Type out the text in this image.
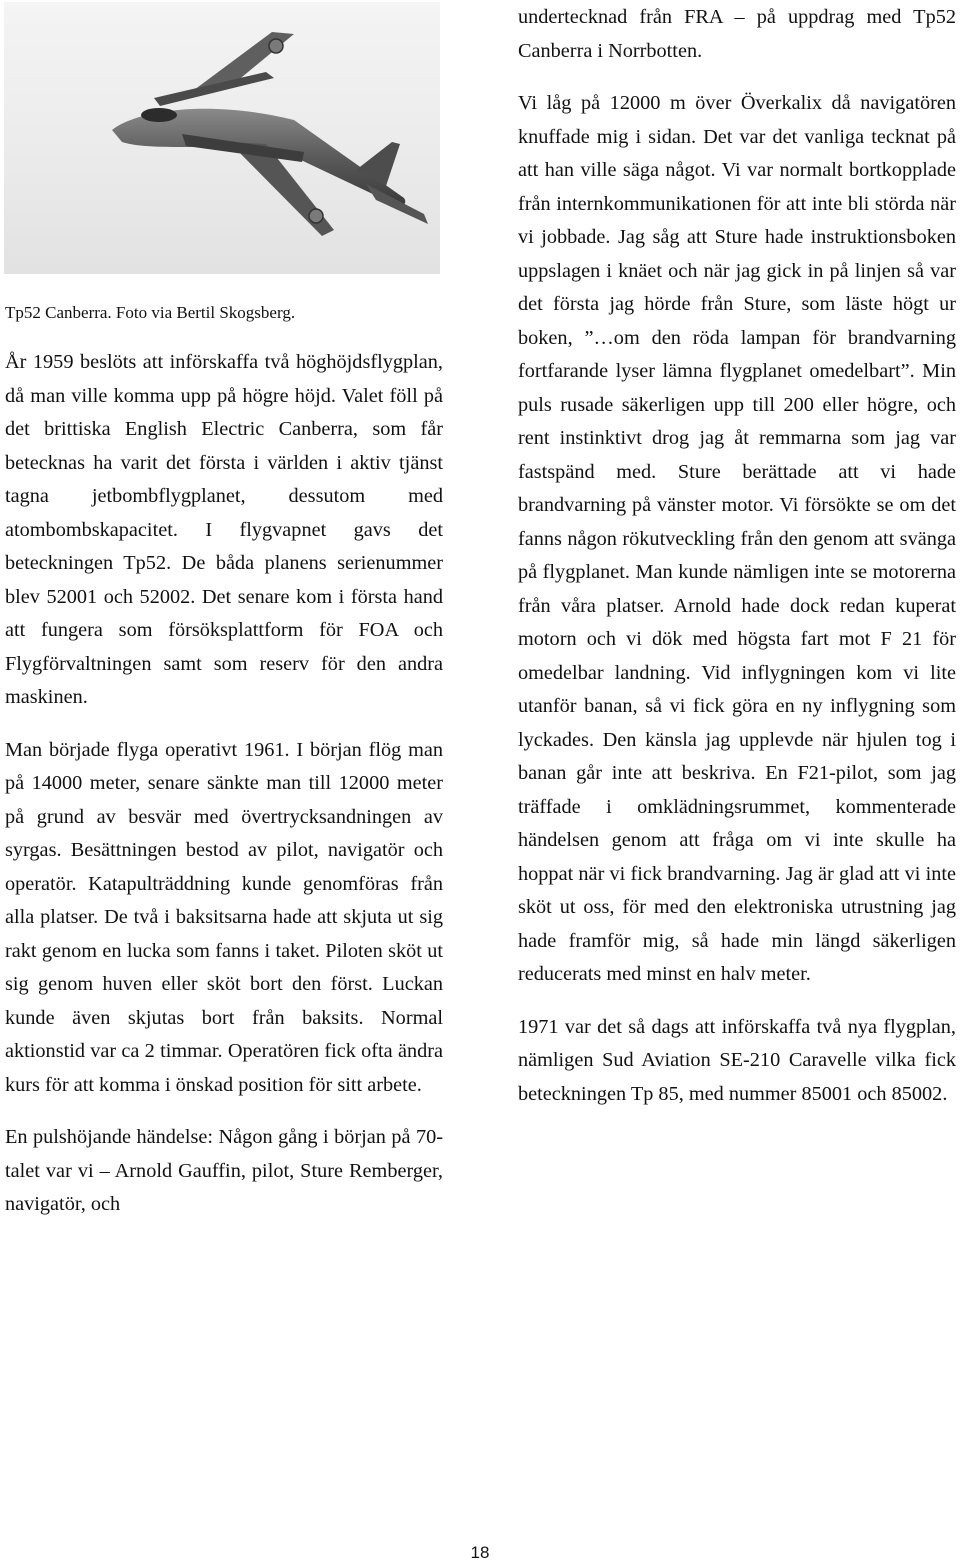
Tp52 Canberra. Foto via Bertil Skogsberg.

År 1959 beslöts att införskaffa två höghöjdsflygplan, då man ville komma upp på högre höjd. Valet föll på det brittiska English Electric Canberra, som får betecknas ha varit det första i världen i aktiv tjänst tagna jetbombflygplanet, dessutom med atombombskapacitet. I flygvapnet gavs det beteckningen Tp52. De båda planens serienummer blev 52001 och 52002. Det senare kom i första hand att fungera som försöksplattform för FOA och Flygförvaltningen samt som reserv för den andra maskinen.

Man började flyga operativt 1961. I början flög man på 14000 meter, senare sänkte man till 12000 meter på grund av besvär med övertrycksandningen av syrgas. Besättningen bestod av pilot, navigatör och operatör. Katapulträddning kunde genomföras från alla platser. De två i baksitsarna hade att skjuta ut sig rakt genom en lucka som fanns i taket. Piloten sköt ut sig genom huven eller sköt bort den först. Luckan kunde även skjutas bort från baksits. Normal aktionstid var ca 2 timmar. Operatören fick ofta ändra kurs för att komma i önskad position för sitt arbete.

En pulshöjande händelse: Någon gång i början på 70-talet var vi – Arnold Gauffin, pilot, Sture Remberger, navigatör, och

undertecknad från FRA – på uppdrag med Tp52 Canberra i Norrbotten.

Vi låg på 12000 m över Överkalix då navigatören knuffade mig i sidan. Det var det vanliga tecknat på att han ville säga något. Vi var normalt bortkopplade från internkommunikationen för att inte bli störda när vi jobbade. Jag såg att Sture hade instruktionsboken uppslagen i knäet och när jag gick in på linjen så var det första jag hörde från Sture, som läste högt ur boken, ”…om den röda lampan för brandvarning fortfarande lyser lämna flygplanet omedelbart”. Min puls rusade säkerligen upp till 200 eller högre, och rent instinktivt drog jag åt remmarna som jag var fastspänd med. Sture berättade att vi hade brandvarning på vänster motor. Vi försökte se om det fanns någon rökutveckling från den genom att svänga på flygplanet. Man kunde nämligen inte se motorerna från våra platser. Arnold hade dock redan kuperat motorn och vi dök med högsta fart mot F 21 för omedelbar landning. Vid inflygningen kom vi lite utanför banan, så vi fick göra en ny inflygning som lyckades. Den känsla jag upplevde när hjulen tog i banan går inte att beskriva. En F21-pilot, som jag träffade i omklädningsrummet, kommenterade händelsen genom att fråga om vi inte skulle ha hoppat när vi fick brandvarning. Jag är glad att vi inte sköt ut oss, för med den elektroniska utrustning jag hade framför mig, så hade min längd säkerligen reducerats med minst en halv meter.

1971 var det så dags att införskaffa två nya flygplan, nämligen Sud Aviation SE-210 Caravelle vilka fick beteckningen Tp 85, med nummer 85001 och 85002.

18
